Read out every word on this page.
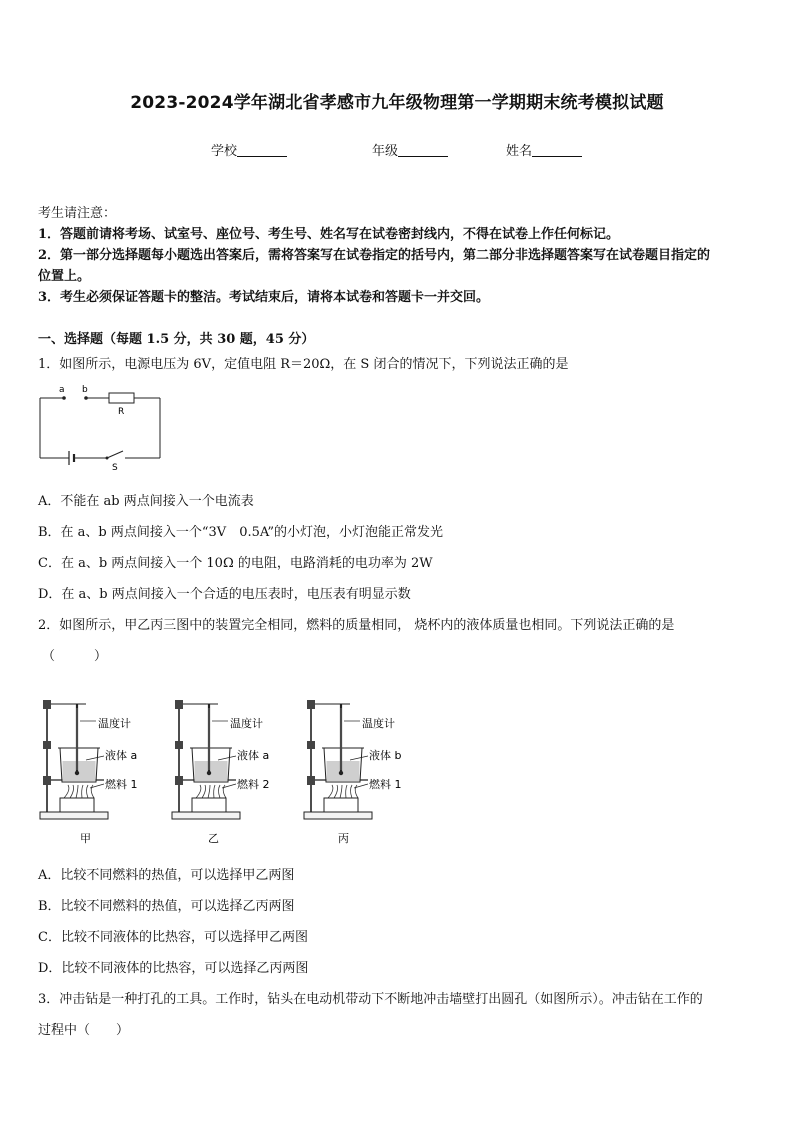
2023-2024学年湖北省孝感市九年级物理第一学期期末统考模拟试题
学校	年级	姓名
考生请注意：
1．答题前请将考场、试室号、座位号、考生号、姓名写在试卷密封线内，不得在试卷上作任何标记。
2．第一部分选择题每小题选出答案后，需将答案写在试卷指定的括号内，第二部分非选择题答案写在试卷题目指定的
位置上。
3．考生必须保证答题卡的整洁。考试结束后，请将本试卷和答题卡一并交回。
一、选择题（每题 1.5 分，共 30 题，45 分）
1．如图所示，电源电压为 6V，定值电阻 R＝20Ω，在 S 闭合的情况下，下列说法正确的是
a b
R
S
A．不能在 ab 两点间接入一个电流表
B．在 a、b 两点间接入一个“3V　0.5A”的小灯泡，小灯泡能正常发光
C．在 a、b 两点间接入一个 10Ω 的电阻，电路消耗的电功率为 2W
D．在 a、b 两点间接入一个合适的电压表时，电压表有明显示数
2．如图所示，甲乙丙三图中的装置完全相同，燃料的质量相同， 烧杯内的液体质量也相同。下列说法正确的是
（　　　）
温度计
液体 a
燃料 1
甲
温度计
液体 a
燃料 2
乙
温度计
液体 b
燃料 1
丙
A．比较不同燃料的热值，可以选择甲乙两图
B．比较不同燃料的热值，可以选择乙丙两图
C．比较不同液体的比热容，可以选择甲乙两图
D．比较不同液体的比热容，可以选择乙丙两图
3．冲击钻是一种打孔的工具。工作时，钻头在电动机带动下不断地冲击墙壁打出圆孔（如图所示）。冲击钻在工作的
过程中（　　）
